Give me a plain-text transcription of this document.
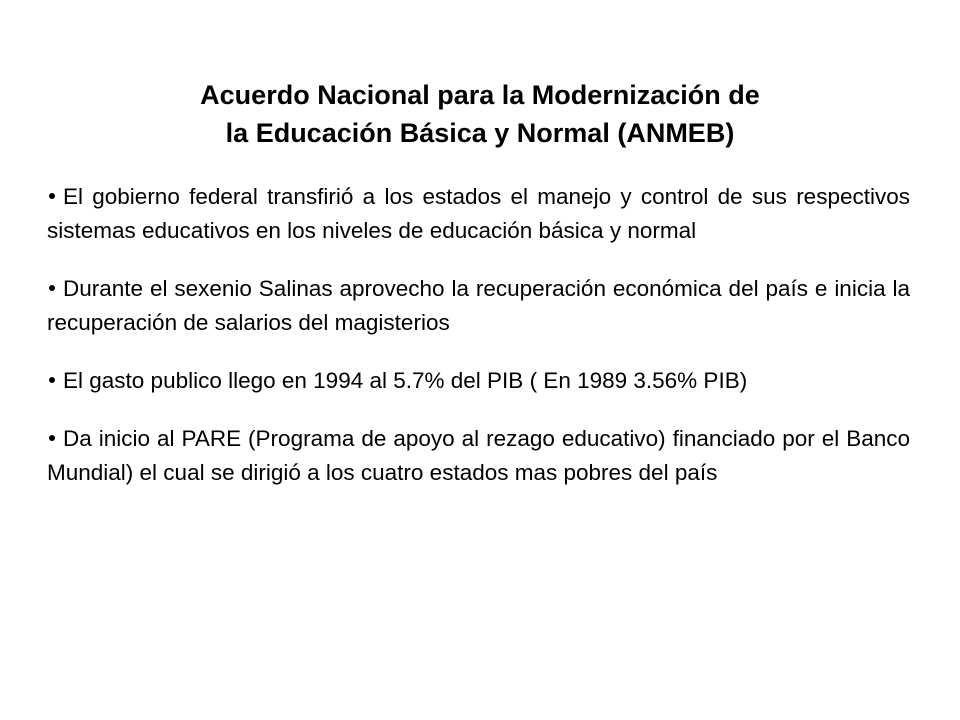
Acuerdo Nacional para la Modernización de
la Educación Básica y Normal (ANMEB)
El gobierno federal transfirió a los estados el manejo y control de sus respectivos sistemas educativos en los niveles de educación básica y normal
Durante el sexenio Salinas aprovecho la recuperación económica del país e inicia la recuperación de salarios del magisterios
El gasto publico llego en 1994 al 5.7% del PIB ( En 1989 3.56% PIB)
Da inicio al PARE (Programa de apoyo al rezago educativo) financiado por el Banco Mundial) el cual se dirigió a los cuatro estados mas pobres del país
